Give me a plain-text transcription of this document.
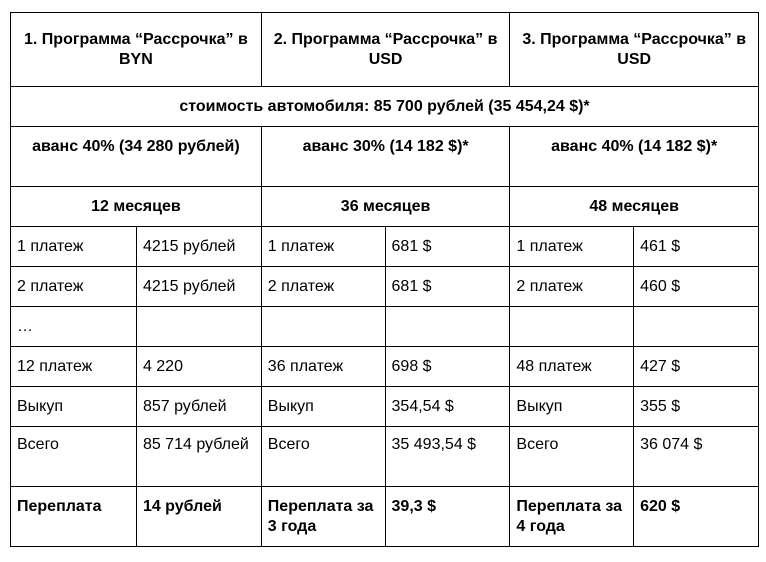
1. Программа “Рассрочка” в BYN		2. Программа “Рассрочка” в USD		3. Программа “Рассрочка” в USD	
стоимость автомобиля: 85 700 рублей (35 454,24 $)*					
аванс 40% (34 280 рублей)		аванс 30% (14 182 $)*		аванс 40% (14 182 $)*	
12 месяцев		36 месяцев		48 месяцев	
1 платеж	4215 рублей	1 платеж	681 $	1 платеж	461 $
2 платеж	4215 рублей	2 платеж	681 $	2 платеж	460 $
…					
12 платеж	4 220	36 платеж	698 $	48 платеж	427 $
Выкуп	857 рублей	Выкуп	354,54 $	Выкуп	355 $
Всего	85 714 рублей	Всего	35 493,54 $	Всего	36 074 $
Переплата	14 рублей	Переплата за 3 года	39,3 $	Переплата за 4 года	620 $
